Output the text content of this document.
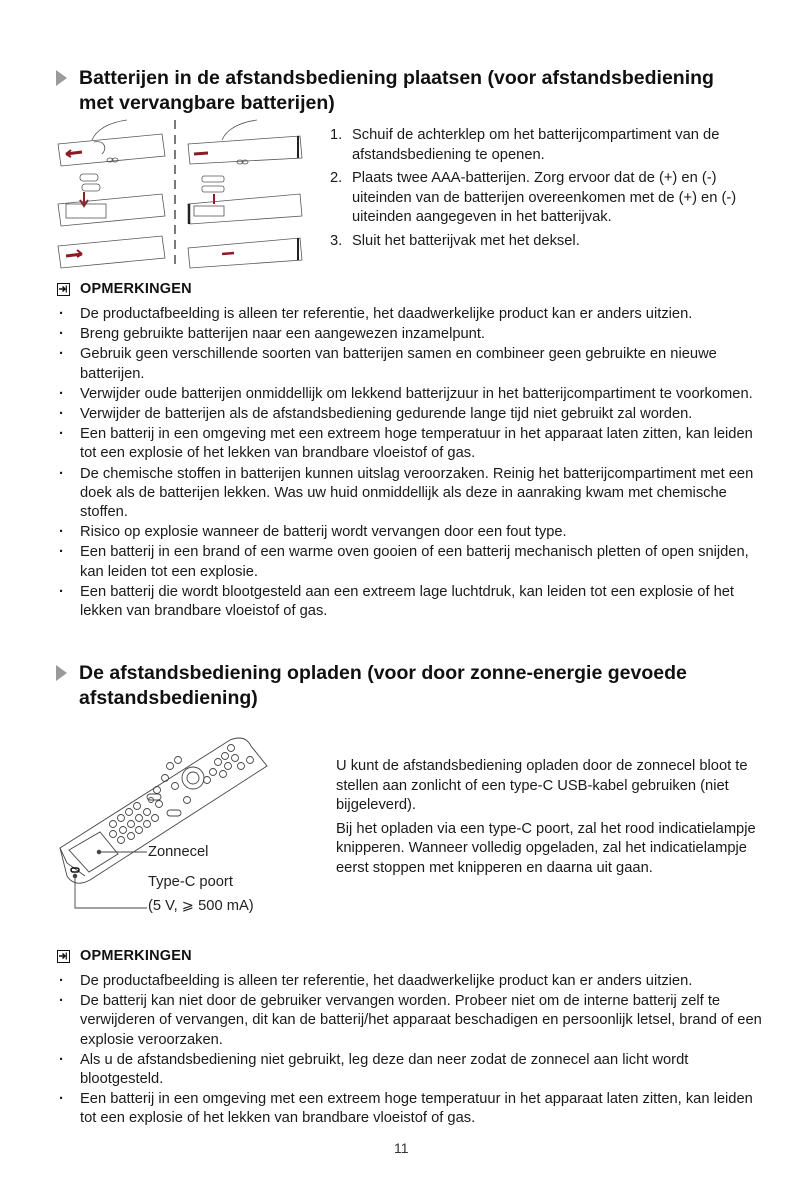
Batterijen in de afstandsbediening plaatsen (voor afstandsbediening
met vervangbare batterijen)
1. Schuif de achterklep om het batterijcompartiment van de afstandsbediening te openen.
2. Plaats twee AAA-batterijen. Zorg ervoor dat de (+) en (-) uiteinden van de batterijen overeenkomen met de (+) en (-) uiteinden aangegeven in het batterijvak.
3. Sluit het batterijvak met het deksel.
OPMERKINGEN
· De productafbeelding is alleen ter referentie, het daadwerkelijke product kan er anders uitzien.
· Breng gebruikte batterijen naar een aangewezen inzamelpunt.
· Gebruik geen verschillende soorten van batterijen samen en combineer geen gebruikte en nieuwe batterijen.
· Verwijder oude batterijen onmiddellijk om lekkend batterijzuur in het batterijcompartiment te voorkomen.
· Verwijder de batterijen als de afstandsbediening gedurende lange tijd niet gebruikt zal worden.
· Een batterij in een omgeving met een extreem hoge temperatuur in het apparaat laten zitten, kan leiden tot een explosie of het lekken van brandbare vloeistof of gas.
· De chemische stoffen in batterijen kunnen uitslag veroorzaken. Reinig het batterijcompartiment met een doek als de batterijen lekken. Was uw huid onmiddellijk als deze in aanraking kwam met chemische stoffen.
· Risico op explosie wanneer de batterij wordt vervangen door een fout type.
· Een batterij in een brand of een warme oven gooien of een batterij mechanisch pletten of open snijden, kan leiden tot een explosie.
· Een batterij die wordt blootgesteld aan een extreem lage luchtdruk, kan leiden tot een explosie of het lekken van brandbare vloeistof of gas.
De afstandsbediening opladen (voor door zonne-energie gevoede
afstandsbediening)
Zonnecel
Type-C poort
(5 V, ⩾ 500 mA)

U kunt de afstandsbediening opladen door de zonnecel bloot te stellen aan zonlicht of een type-C USB-kabel gebruiken (niet bijgeleverd).

Bij het opladen via een type-C poort, zal het rood indicatielampje knipperen. Wanneer volledig opgeladen, zal het indicatielampje eerst stoppen met knipperen en daarna uit gaan.

OPMERKINGEN
· De productafbeelding is alleen ter referentie, het daadwerkelijke product kan er anders uitzien.
· De batterij kan niet door de gebruiker vervangen worden. Probeer niet om de interne batterij zelf te verwijderen of vervangen, dit kan de batterij/het apparaat beschadigen en persoonlijk letsel, brand of een explosie veroorzaken.
· Als u de afstandsbediening niet gebruikt, leg deze dan neer zodat de zonnecel aan licht wordt blootgesteld.
· Een batterij in een omgeving met een extreem hoge temperatuur in het apparaat laten zitten, kan leiden tot een explosie of het lekken van brandbare vloeistof of gas.
11
